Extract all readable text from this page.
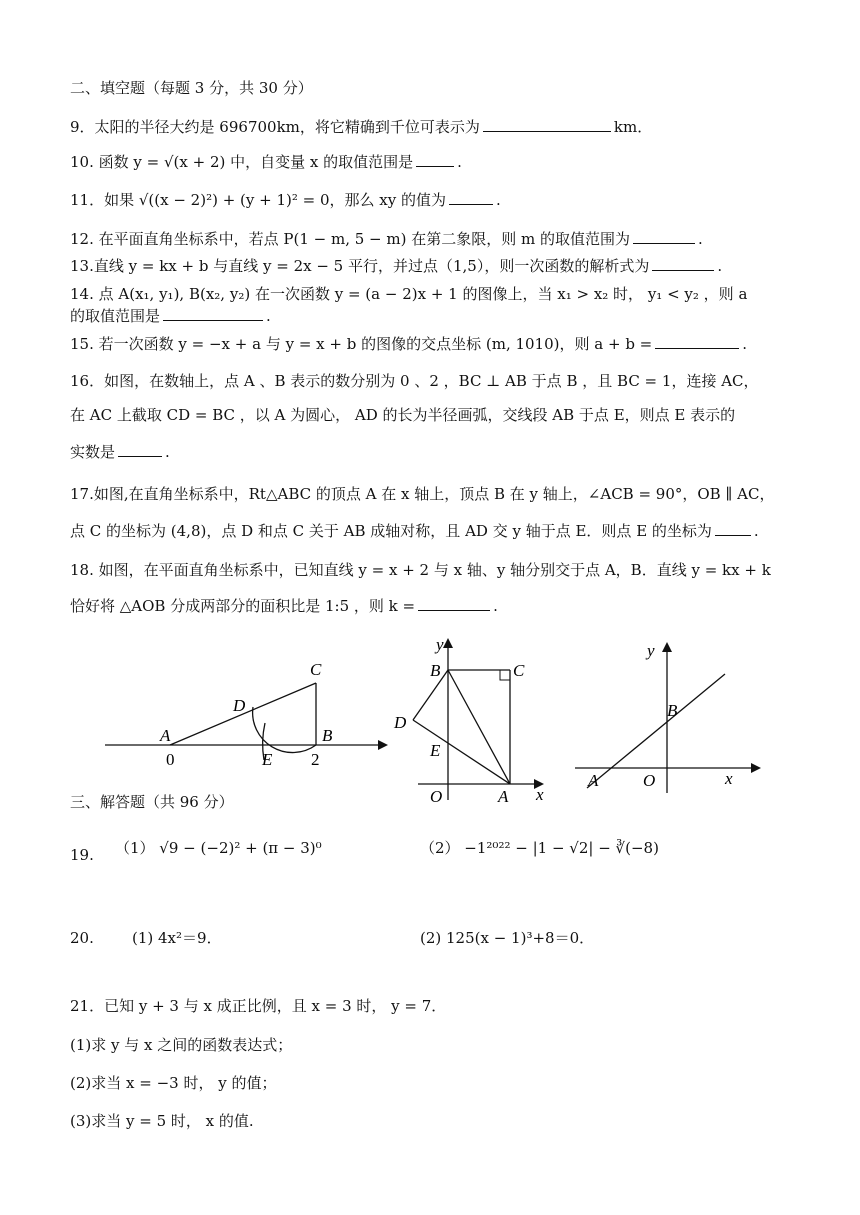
二、填空题（每题 3 分，共 30 分）
9．太阳的半径大约是 696700km，将它精确到千位可表示为	km．
10. 函数 y = √(x + 2) 中，自变量 x 的取值范围是	.
11．如果 √((x − 2)²) + (y + 1)² = 0，那么 xy 的值为	.
12. 在平面直角坐标系中，若点 P(1 − m, 5 − m) 在第二象限，则 m 的取值范围为	.
13.直线 y = kx + b 与直线 y = 2x − 5 平行，并过点（1,5），则一次函数的解析式为	.
14. 点 A(x₁, y₁), B(x₂, y₂) 在一次函数 y = (a − 2)x + 1 的图像上，当 x₁ > x₂ 时， y₁ < y₂ ，则 a
的取值范围是	.
15. 若一次函数 y = −x + a 与 y = x + b 的图像的交点坐标 (m, 1010)，则 a + b =	.
16．如图，在数轴上，点 A 、B 表示的数分别为 0 、2 ，BC ⊥ AB 于点 B ，且 BC = 1，连接 AC，
在 AC 上截取 CD = BC ，以 A 为圆心， AD 的长为半径画弧，交线段 AB 于点 E，则点 E 表示的
实数是	.
17.如图,在直角坐标系中，Rt△ABC 的顶点 A 在 x 轴上，顶点 B 在 y 轴上，∠ACB = 90°，OB ∥ AC，
点 C 的坐标为 (4,8)，点 D 和点 C 关于 AB 成轴对称，且 AD 交 y 轴于点 E．则点 E 的坐标为	.
18. 如图，在平面直角坐标系中，已知直线 y = x + 2 与 x 轴、y 轴分别交于点 A，B．直线 y = kx + k
恰好将 △AOB 分成两部分的面积比是 1:5 ，则 k =	.
C
D
A	B
0	E 2
y
B	C
D
E
O	A x
y
B
A	O	x
三、解答题（共 96 分）
19. （1） √9 − (−2)² + (π − 3)⁰	（2） −1²⁰²² − |1 − √2| − ∛(−8)
20.	(1) 4x²＝9．	(2) 125(x − 1)³+8＝0．
21．已知 y + 3 与 x 成正比例，且 x = 3 时， y = 7．
(1)求 y 与 x 之间的函数表达式；
(2)求当 x = −3 时， y 的值；
(3)求当 y = 5 时， x 的值.
